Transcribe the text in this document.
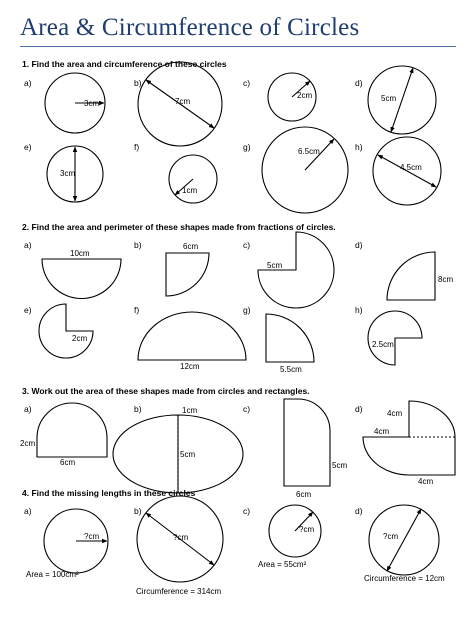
Area & Circumference of Circles
1. Find the area and circumference of these circles
2. Find the area and perimeter of these shapes made from fractions of circles.
3. Work out the area of these shapes made from circles and rectangles.
4. Find the missing lengths in these circles
a)
3cm
b)
7cm
c)
2cm
d)
5cm
e)
3cm
f)
1cm
g)	6.5cm	h)
4.5cm
a)
10cm
b)	6cm	c)
5cm
d)
8cm
e)
2cm
f)
12cm
g)
5.5cm
h)
2.5cm
a)
2cm
6cm
b)	1cm
5cm
c)
5cm
6cm
d)	4cm
4cm
4cm
a)
?cm
Area = 100cm²
b)
?cm
Circumference = 314cm
c)
?cm
Area = 55cm²
d)
?cm
Circumference = 12cm
